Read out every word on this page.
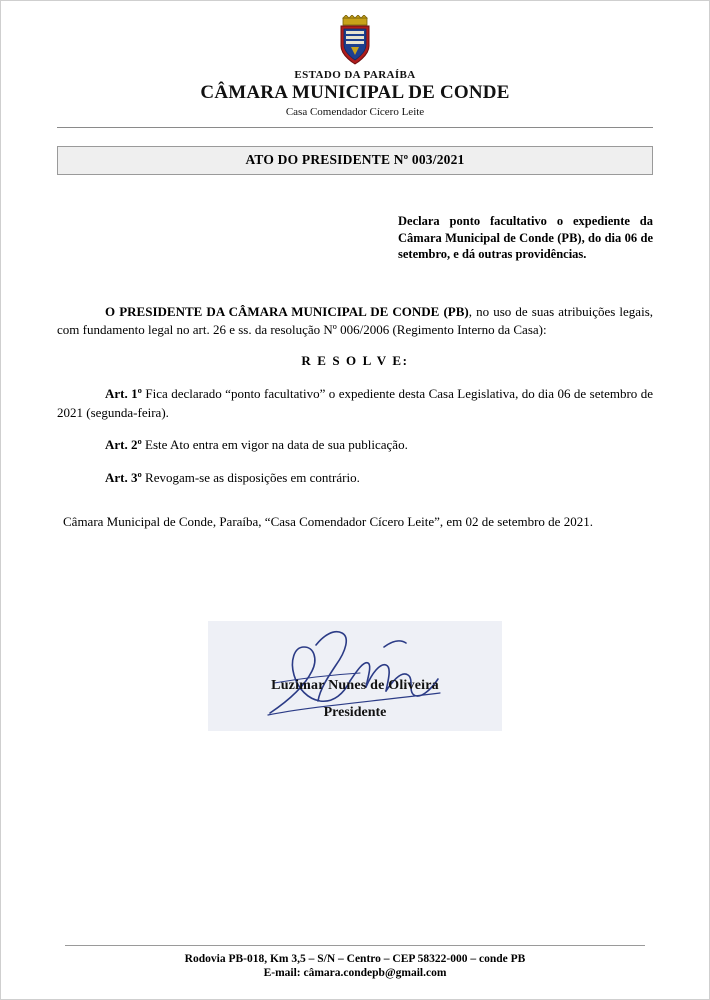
ESTADO DA PARAÍBA
CÂMARA MUNICIPAL DE CONDE
Casa Comendador Cícero Leite
ATO DO PRESIDENTE Nº 003/2021
Declara ponto facultativo o expediente da Câmara Municipal de Conde (PB), do dia 06 de setembro, e dá outras providências.

O PRESIDENTE DA CÂMARA MUNICIPAL DE CONDE (PB), no uso de suas atribuições legais, com fundamento legal no art. 26 e ss. da resolução Nº 006/2006 (Regimento Interno da Casa):

R E S O L V E:

Art. 1º Fica declarado “ponto facultativo” o expediente desta Casa Legislativa, do dia 06 de setembro de 2021 (segunda-feira).

Art. 2º Este Ato entra em vigor na data de sua publicação.

Art. 3º Revogam-se as disposições em contrário.

Câmara Municipal de Conde, Paraíba, “Casa Comendador Cícero Leite”, em 02 de setembro de 2021.
Luzimar Nunes de Oliveira
Presidente
Rodovia PB-018, Km 3,5 – S/N – Centro – CEP 58322-000 – conde PB
E-mail: câmara.condepb@gmail.com
